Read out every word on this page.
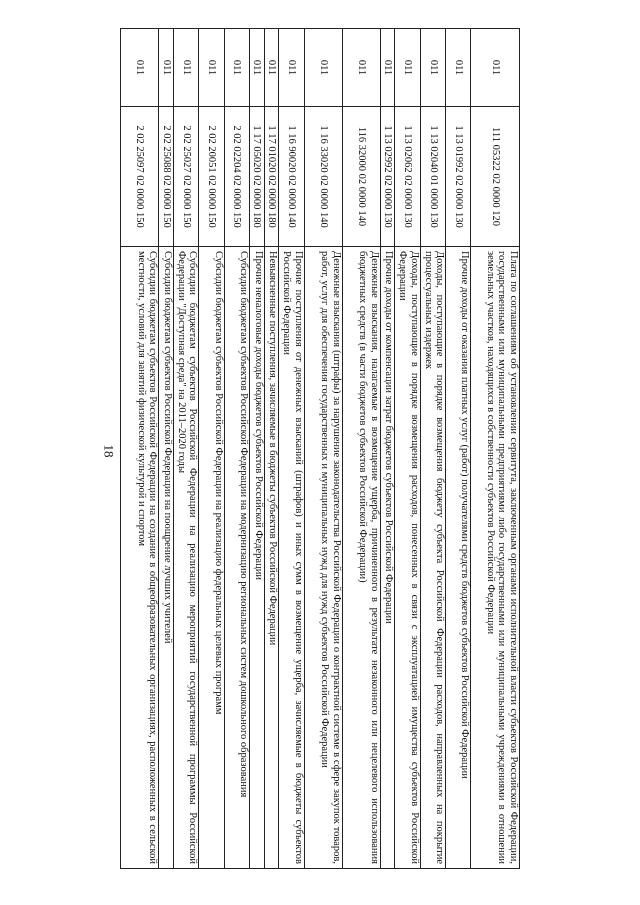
18
011	111 05322 02 0000 120	Плата по соглашениям об установлении сервитута, заключенным органами исполнительной власти субъектов Российской Федерации, государственными или муниципальными предприятиями либо государственными или муниципальными учреждениями в отношении земельных участков, находящихся в собственности субъектов Российской Федерации
011	1 13 01992 02 0000 130	Прочие доходы от оказания платных услуг (работ) получателями средств бюджетов субъектов Российской Федерации
011	1 13 02040 01 0000 130	Доходы, поступающие в порядке возмещения бюджету субъекта Российской Федерации расходов, направленных на покрытие процессуальных издержек
011	1 13 02062 02 0000 130	Доходы, поступающие в порядке возмещения расходов, понесенных в связи с эксплуатацией имущества субъектов Российской Федерации
011	1 13 02992 02 0000 130	Прочие доходы от компенсации затрат бюджетов субъектов Российской Федерации
011	116 32000 02 0000 140	Денежные взыскания, налагаемые в возмещение ущерба, причиненного в результате незаконного или нецелевого использования бюджетных средств (в части бюджетов субъектов Российской Федерации)
011	1 16 33020 02 0000 140	Денежные взыскания (штрафы) за нарушение законодательства Российской Федерации о контрактной системе в сфере закупок товаров, работ, услуг для обеспечения государственных и муниципальных нужд для нужд субъектов Российской Федерации
011	1 16 90020 02 0000 140	Прочие поступления от денежных взысканий (штрафов) и иных сумм в возмещение ущерба, зачисляемые в бюджеты субъектов Российской Федерации
011	1 17 01020 02 0000 180	Невыясненные поступления, зачисляемые в бюджеты субъектов Российской Федерации
011	1 17 05020 02 0000 180	Прочие неналоговые доходы бюджетов субъектов Российской Федерации
011	2 02 02204 02 0000 150	Субсидии бюджетам субъектов Российской Федерации на модернизацию региональных систем дошкольного образования
011	2 02 20051 02 0000 150	Субсидии бюджетам субъектов Российской Федерации на реализацию федеральных целевых программ
011	2 02 25027 02 0000 150	Субсидии бюджетам субъектов Российской Федерации на реализацию мероприятий государственной программы Российской Федерации "Доступная среда" на 2011–2020 годы
011	2 02 25088 02 0000 150	Субсидии бюджетам субъектов Российской Федерации на поощрение лучших учителей
011	2 02 25097 02 0000 150	Субсидии бюджетам субъектов Российской Федерации на создание в общеобразовательных организациях, расположенных в сельской местности, условий для занятий физической культурой и спортом
